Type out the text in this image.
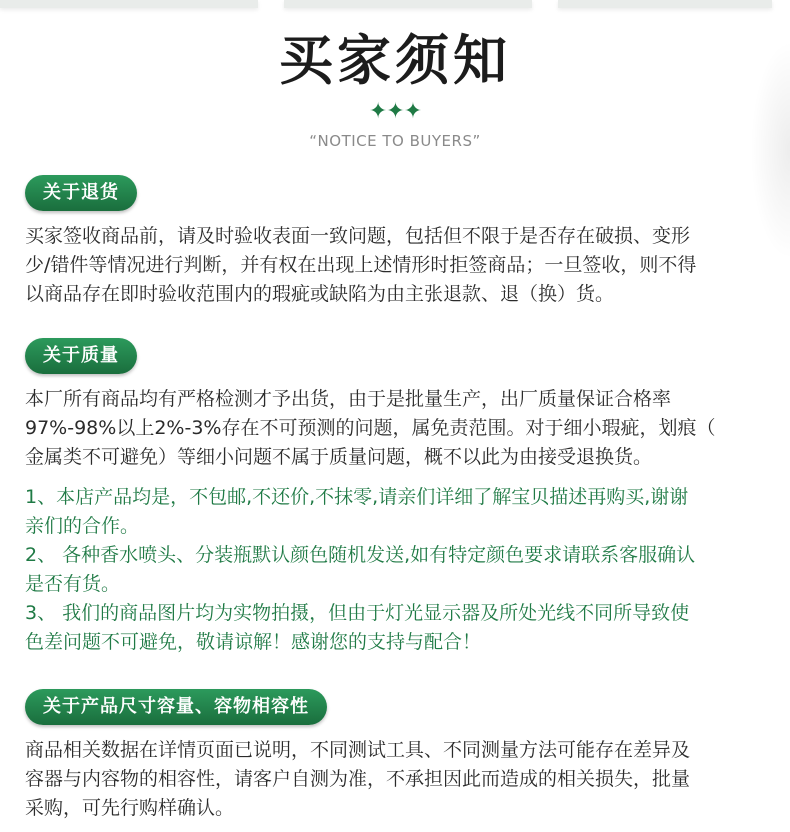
买家须知
✦✦✦
“NOTICE TO BUYERS”
关于退货
买家签收商品前，请及时验收表面一致问题，包括但不限于是否存在破损、变形
少/错件等情况进行判断，并有权在出现上述情形时拒签商品；一旦签收，则不得
以商品存在即时验收范围内的瑕疵或缺陷为由主张退款、退（换）货。
关于质量
本厂所有商品均有严格检测才予出货，由于是批量生产，出厂质量保证合格率
97%-98%以上2%-3%存在不可预测的问题，属免责范围。对于细小瑕疵，划痕（
金属类不可避免）等细小问题不属于质量问题，概不以此为由接受退换货。
1、本店产品均是，不包邮,不还价,不抹零,请亲们详细了解宝贝描述再购买,谢谢
亲们的合作。
2、 各种香水喷头、分装瓶默认颜色随机发送,如有特定颜色要求请联系客服确认
是否有货。
3、 我们的商品图片均为实物拍摄，但由于灯光显示器及所处光线不同所导致使
色差问题不可避免，敬请谅解！感谢您的支持与配合！
关于产品尺寸容量、容物相容性
商品相关数据在详情页面已说明，不同测试工具、不同测量方法可能存在差异及
容器与内容物的相容性，请客户自测为准，不承担因此而造成的相关损失，批量
采购，可先行购样确认。
